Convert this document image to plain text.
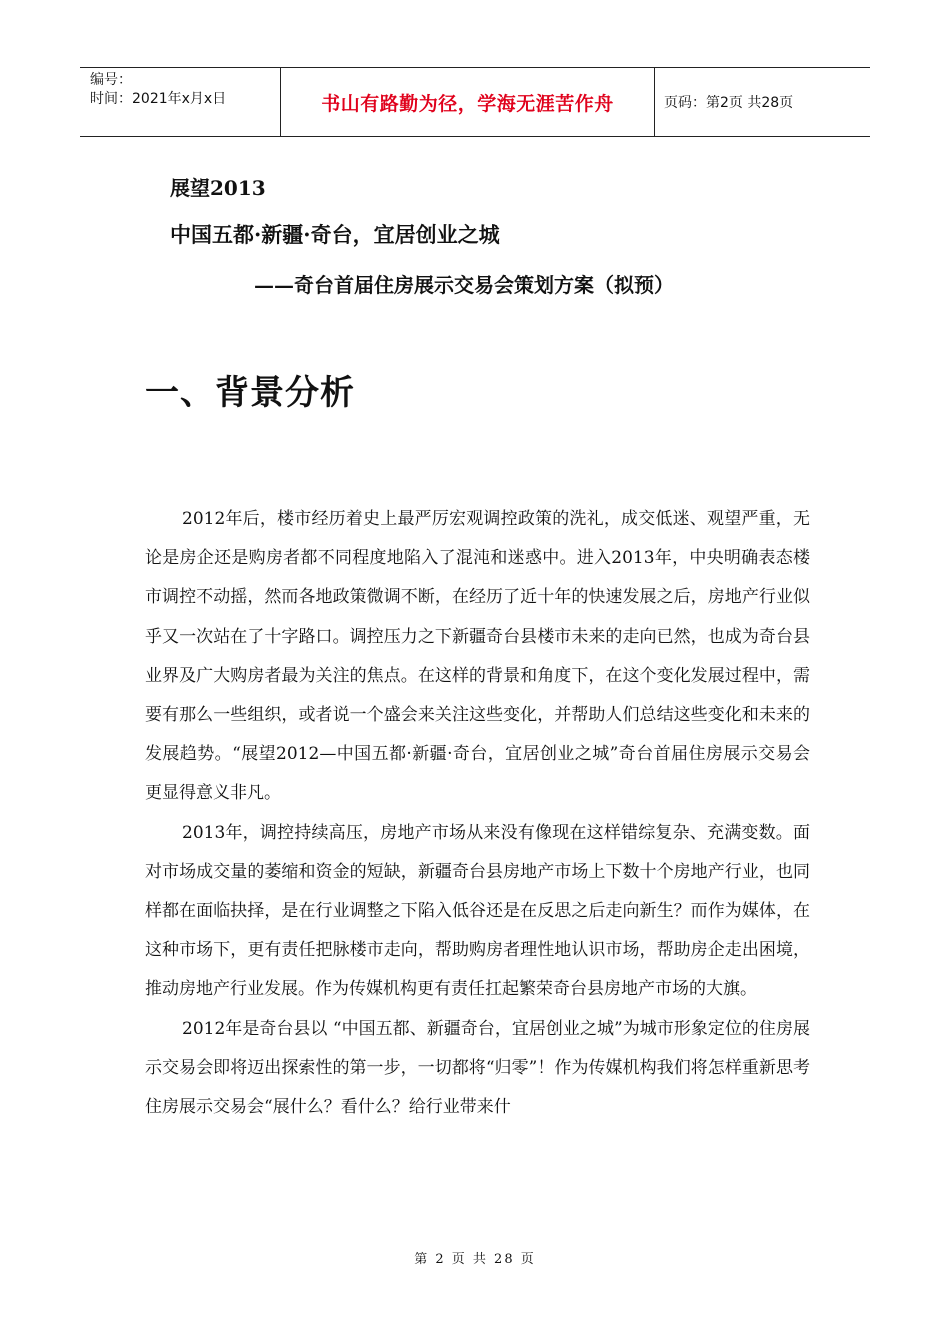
编号：
时间：2021年x月x日	书山有路勤为径，学海无涯苦作舟	页码：第2页 共28页
展望2013
中国五都·新疆·奇台，宜居创业之城
——奇台首届住房展示交易会策划方案（拟预）
一、背景分析

2012年后，楼市经历着史上最严厉宏观调控政策的洗礼，成交低迷、观望严重，无论是房企还是购房者都不同程度地陷入了混沌和迷惑中。进入2013年，中央明确表态楼市调控不动摇，然而各地政策微调不断，在经历了近十年的快速发展之后，房地产行业似乎又一次站在了十字路口。调控压力之下新疆奇台县楼市未来的走向已然，也成为奇台县业界及广大购房者最为关注的焦点。在这样的背景和角度下，在这个变化发展过程中，需要有那么一些组织，或者说一个盛会来关注这些变化，并帮助人们总结这些变化和未来的发展趋势。“展望2012—中国五都·新疆·奇台，宜居创业之城”奇台首届住房展示交易会更显得意义非凡。

2013年，调控持续高压，房地产市场从来没有像现在这样错综复杂、充满变数。面对市场成交量的萎缩和资金的短缺，新疆奇台县房地产市场上下数十个房地产行业，也同样都在面临抉择，是在行业调整之下陷入低谷还是在反思之后走向新生？而作为媒体，在这种市场下，更有责任把脉楼市走向，帮助购房者理性地认识市场，帮助房企走出困境，推动房地产行业发展。作为传媒机构更有责任扛起繁荣奇台县房地产市场的大旗。

2012年是奇台县以 “中国五都、新疆奇台，宜居创业之城”为城市形象定位的住房展示交易会即将迈出探索性的第一步，一切都将“归零”！作为传媒机构我们将怎样重新思考住房展示交易会“展什么？看什么？给行业带来什

第 2 页 共 28 页
